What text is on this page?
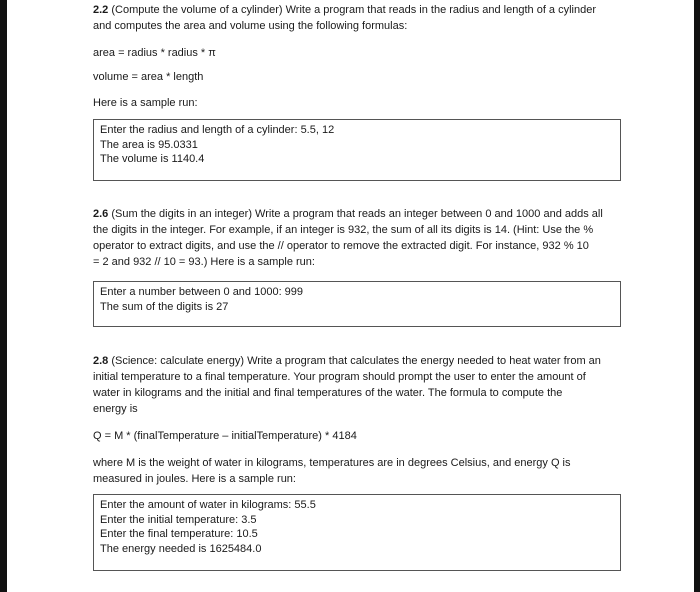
2.2 (Compute the volume of a cylinder) Write a program that reads in the radius and length of a cylinder

and computes the area and volume using the following formulas:

area = radius * radius * π

volume = area * length

Here is a sample run:

Enter the radius and length of a cylinder: 5.5, 12
The area is 95.0331
The volume is 1140.4

2.6 (Sum the digits in an integer) Write a program that reads an integer between 0 and 1000 and adds all

the digits in the integer. For example, if an integer is 932, the sum of all its digits is 14. (Hint: Use the %

operator to extract digits, and use the // operator to remove the extracted digit. For instance, 932 % 10

= 2 and 932 // 10 = 93.) Here is a sample run:

Enter a number between 0 and 1000: 999
The sum of the digits is 27

2.8 (Science: calculate energy) Write a program that calculates the energy needed to heat water from an

initial temperature to a final temperature. Your program should prompt the user to enter the amount of

water in kilograms and the initial and final temperatures of the water. The formula to compute the

energy is

Q = M * (finalTemperature – initialTemperature) * 4184

where M is the weight of water in kilograms, temperatures are in degrees Celsius, and energy Q is

measured in joules. Here is a sample run:

Enter the amount of water in kilograms: 55.5
Enter the initial temperature: 3.5
Enter the final temperature: 10.5
The energy needed is 1625484.0
